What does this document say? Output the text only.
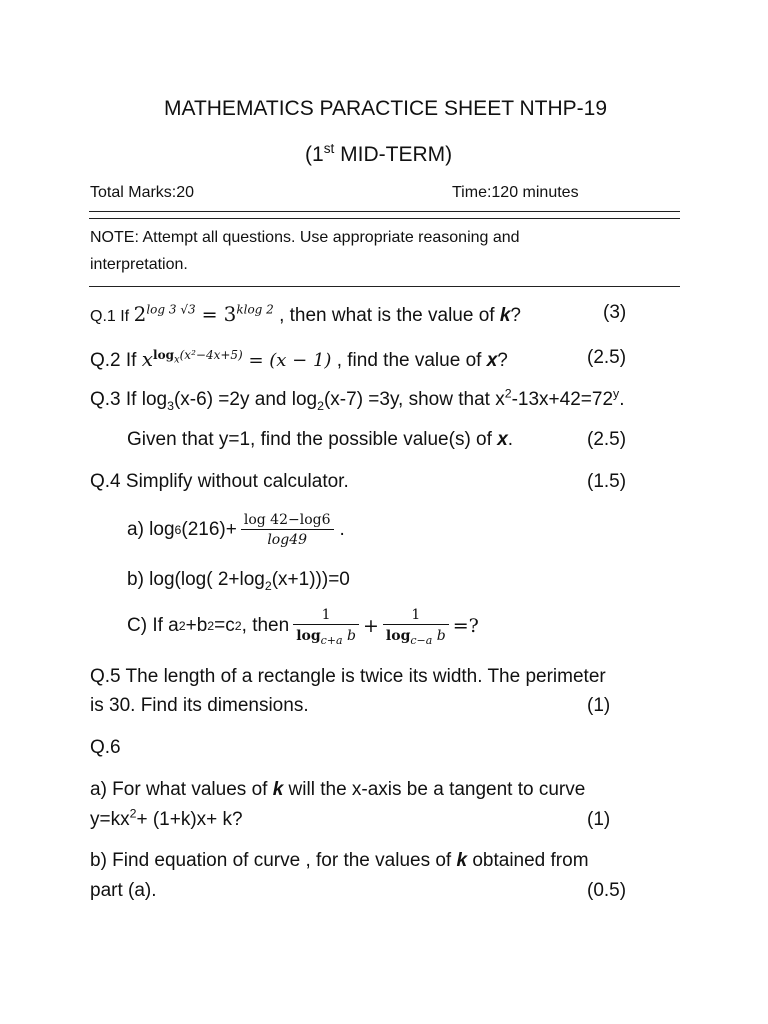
MATHEMATICS PARACTICE SHEET NTHP-19
(1st MID-TERM)
Total Marks:20	Time:120 minutes
NOTE: Attempt all questions. Use appropriate reasoning and
interpretation.
Q.1 If $2^{log 3 √3} = 3^{klog 2}$ , then what is the value of k?	(3)
Q.2 If $x^{log_x(x^2-4x+5)} = (x - 1)$ , find the value of x?	(2.5)
Q.3 If $\log_3(x-6) =2y$ and $\log_2(x-7) =3y$, show that $x^2-13x+42=72^y$.
Given that y=1, find the possible value(s) of x.	(2.5)
Q.4 Simplify without calculator.	(1.5)
a) log 6 $(216)+ \frac{\log 42-\log 6}{\log 49}$ .
b) log(log( $2+\log_2(x+1)))=0$
C) If a 2 +b 2 =c 2 , then $\frac{1}{\log_{c+a} b} + \frac{1}{\log_{c-a} b}$ =?
Q.5 The length of a rectangle is twice its width. The perimeter
is 30. Find its dimensions.	(1)
Q.6
a) For what values of k will the x-axis be a tangent to curve
$y=kx^2+ (1+k)x+ k$?	(1)
b) Find equation of curve , for the values of k obtained from
part (a).	(0.5)
